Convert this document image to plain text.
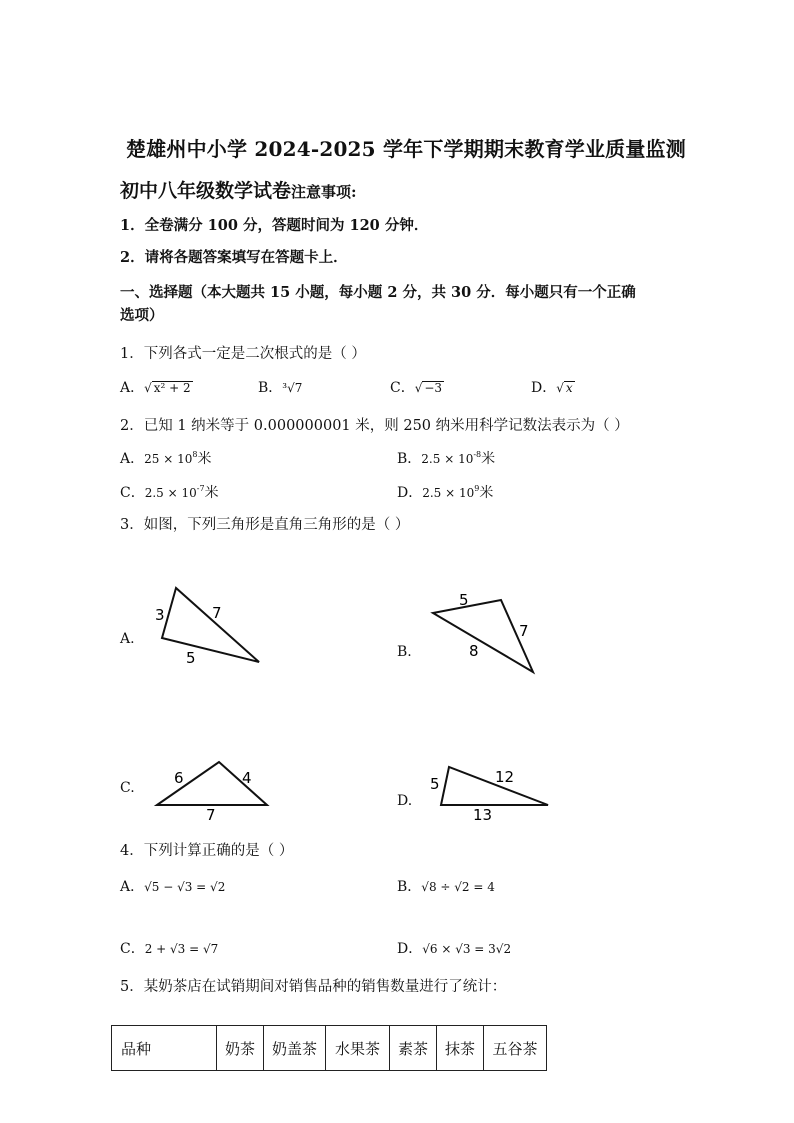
楚雄州中小学 2024-2025 学年下学期期末教育学业质量监测
初中八年级数学试卷注意事项:
1．全卷满分 100 分，答题时间为 120 分钟．
2．请将各题答案填写在答题卡上．
一、选择题（本大题共 15 小题，每小题 2 分，共 30 分．每小题只有一个正确
选项）
1．下列各式一定是二次根式的是（ ）
A．√ x² + 2	B．³√7	C．√ −3	D．√ x
2．已知 1 纳米等于 0.000000001 米，则 250 纳米用科学记数法表示为（ ）
A．$25 \times 10^8$米	B．$2.5 \times 10^{-8}$米
C．$2.5 \times 10^{-7}$米	D．$2.5 \times 10^9$米
3．如图，下列三角形是直角三角形的是（ ）
A.
3	7
5	B.
5
7
8
C.
6	4
7
D.
5	12
13
4．下列计算正确的是（ ）
A．√5 − √3 = √2	B．√8 ÷ √2 = 4
C．2 + √3 = √7	D．√6 × √3 = 3√2
5．某奶茶店在试销期间对销售品种的销售数量进行了统计：
品种	奶茶	奶盖茶	水果茶	素茶	抹茶	五谷茶
